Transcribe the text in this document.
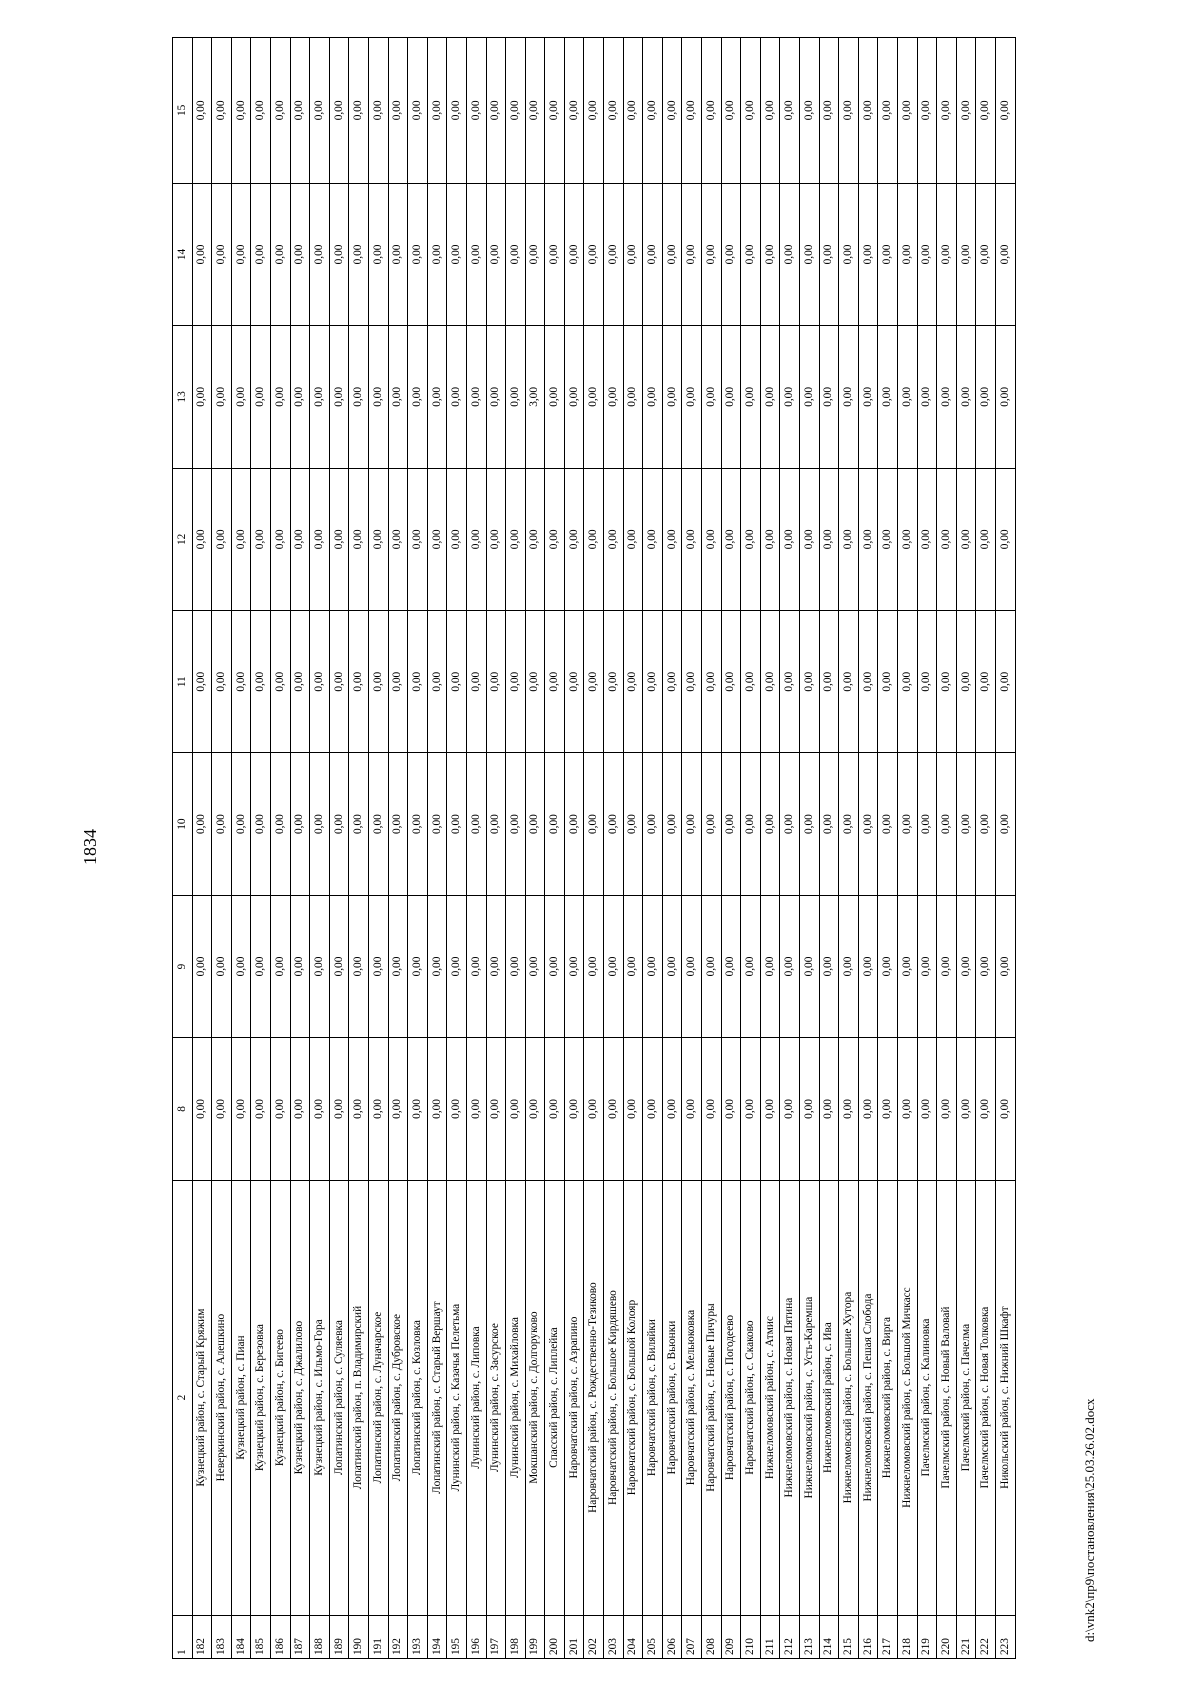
1834
1	2	8	9	10	11	12	13	14	15
182	Кузнецкий район, с. Старый Кряжим	0,00	0,00	0,00	0,00	0,00	0,00	0,00	0,00
183	Неверкинский район, с. Алешкино	0,00	0,00	0,00	0,00	0,00	0,00	0,00	0,00
184	Кузнецкий район, с. Пиан	0,00	0,00	0,00	0,00	0,00	0,00	0,00	0,00
185	Кузнецкий район, с. Березовка	0,00	0,00	0,00	0,00	0,00	0,00	0,00	0,00
186	Кузнецкий район, с. Бигеево	0,00	0,00	0,00	0,00	0,00	0,00	0,00	0,00
187	Кузнецкий район, с. Джалилово	0,00	0,00	0,00	0,00	0,00	0,00	0,00	0,00
188	Кузнецкий район, с. Ильмо-Гора	0,00	0,00	0,00	0,00	0,00	0,00	0,00	0,00
189	Лопатинский район, с. Суляевка	0,00	0,00	0,00	0,00	0,00	0,00	0,00	0,00
190	Лопатинский район, п. Владимирский	0,00	0,00	0,00	0,00	0,00	0,00	0,00	0,00
191	Лопатинский район, с. Луначарское	0,00	0,00	0,00	0,00	0,00	0,00	0,00	0,00
192	Лопатинский район, с. Дубровское	0,00	0,00	0,00	0,00	0,00	0,00	0,00	0,00
193	Лопатинский район, с. Козловка	0,00	0,00	0,00	0,00	0,00	0,00	0,00	0,00
194	Лопатинский район, с. Старый Вершаут	0,00	0,00	0,00	0,00	0,00	0,00	0,00	0,00
195	Лунинский район, с. Казачья Пелетьма	0,00	0,00	0,00	0,00	0,00	0,00	0,00	0,00
196	Лунинский район, с. Липовка	0,00	0,00	0,00	0,00	0,00	0,00	0,00	0,00
197	Лунинский район, с. Засурское	0,00	0,00	0,00	0,00	0,00	0,00	0,00	0,00
198	Лунинский район, с. Михайловка	0,00	0,00	0,00	0,00	0,00	0,00	0,00	0,00
199	Мокшанский район, с. Долгоруково	0,00	0,00	0,00	0,00	0,00	3,00	0,00	0,00
200	Спасский район, с. Липлейка	0,00	0,00	0,00	0,00	0,00	0,00	0,00	0,00
201	Наровчатский район, с. Азрапино	0,00	0,00	0,00	0,00	0,00	0,00	0,00	0,00
202	Наровчатский район, с. Рождественно-Тезиково	0,00	0,00	0,00	0,00	0,00	0,00	0,00	0,00
203	Наровчатский район, с. Большое Кирдяшево	0,00	0,00	0,00	0,00	0,00	0,00	0,00	0,00
204	Наровчатский район, с. Большой Колояр	0,00	0,00	0,00	0,00	0,00	0,00	0,00	0,00
205	Наровчатский район, с. Виляйки	0,00	0,00	0,00	0,00	0,00	0,00	0,00	0,00
206	Наровчатский район, с. Вьюнки	0,00	0,00	0,00	0,00	0,00	0,00	0,00	0,00
207	Наровчатский район, с. Мельюковка	0,00	0,00	0,00	0,00	0,00	0,00	0,00	0,00
208	Наровчатский район, с. Новые Пичуры	0,00	0,00	0,00	0,00	0,00	0,00	0,00	0,00
209	Наровчатский район, с. Погодеево	0,00	0,00	0,00	0,00	0,00	0,00	0,00	0,00
210	Наровчатский район, с. Скаково	0,00	0,00	0,00	0,00	0,00	0,00	0,00	0,00
211	Нижнеломовский район, с. Атмис	0,00	0,00	0,00	0,00	0,00	0,00	0,00	0,00
212	Нижнеломовский район, с. Новая Пятина	0,00	0,00	0,00	0,00	0,00	0,00	0,00	0,00
213	Нижнеломовский район, с. Усть-Каремша	0,00	0,00	0,00	0,00	0,00	0,00	0,00	0,00
214	Нижнеломовский район, с. Ива	0,00	0,00	0,00	0,00	0,00	0,00	0,00	0,00
215	Нижнеломовский район, с. Большие Хутора	0,00	0,00	0,00	0,00	0,00	0,00	0,00	0,00
216	Нижнеломовский район, с. Пешая Слобода	0,00	0,00	0,00	0,00	0,00	0,00	0,00	0,00
217	Нижнеломовский район, с. Вирга	0,00	0,00	0,00	0,00	0,00	0,00	0,00	0,00
218	Нижнеломовский район, с. Большой Мичкасс	0,00	0,00	0,00	0,00	0,00	0,00	0,00	0,00
219	Пачелмский район, с. Калиновка	0,00	0,00	0,00	0,00	0,00	0,00	0,00	0,00
220	Пачелмский район, с. Новый Валовай	0,00	0,00	0,00	0,00	0,00	0,00	0,00	0,00
221	Пачелмский район, с. Пачелма	0,00	0,00	0,00	0,00	0,00	0,00	0,00	0,00
222	Пачелмский район, с. Новая Толковка	0,00	0,00	0,00	0,00	0,00	0,00	0,00	0,00
223	Никольский район, с. Нижний Шкафт	0,00	0,00	0,00	0,00	0,00	0,00	0,00	0,00
d:\vnk2\пр9\постановления\25.03.26.02.docx
